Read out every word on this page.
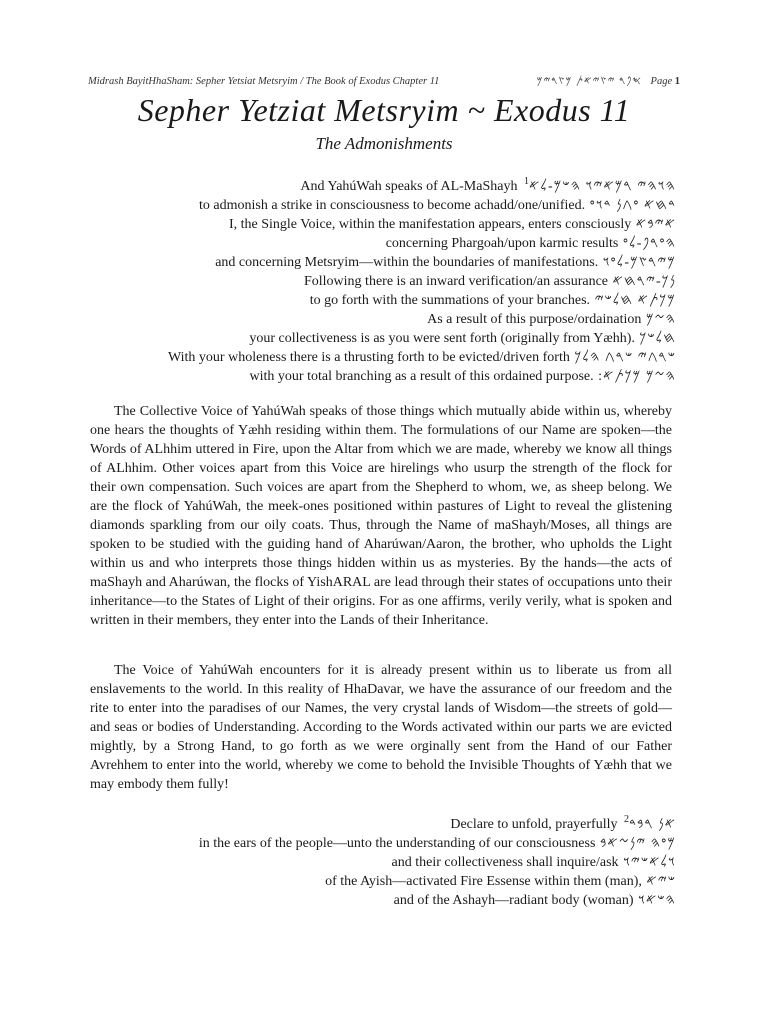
Midrash BayitHhaSham: Sepher Yetsiat Metsryim / The Book of Exodus Chapter 11	𐤎𐤐𐤓 𐤉𐤑𐤉𐤀𐤕 𐤌𐤑𐤓𐤉𐤌 Page 1
Sepher Yetziat Metsryim ~ Exodus 11
The Admonishments
And YahúWah speaks of AL-MaShayh 𐤄𐤅𐤄𐤉 𐤓𐤌𐤀𐤉𐤅 𐤄𐤔𐤌-𐤋𐤀$^1$
to admonish a strike in consciousness to become achadd/one/unified. 𐤃𐤇𐤀 𐤏𐤂𐤍 𐤃𐤅𐤏
I, the Single Voice, within the manifestation appears, enters consciously 𐤀𐤉𐤁𐤀
concerning Phargoah/upon karmic results 𐤄𐤏𐤓𐤐-𐤋𐤏
and concerning Metsryim—within the boundaries of manifestations. 𐤌𐤉𐤓𐤑𐤌-𐤋𐤏𐤅
Following there is an inward verification/an assurance 𐤍𐤊-𐤉𐤓𐤇𐤀
to go forth with the summations of your branches. 𐤌𐤊𐤕𐤀 𐤇𐤋𐤔𐤉
As a result of this purpose/ordaination 𐤄𐤆𐤌
your collectiveness is as you were sent forth (originally from Yæhh). 𐤇𐤋𐤔𐤊
With your wholeness there is a thrusting forth to be evicted/driven forth 𐤔𐤓𐤂𐤉 𐤔𐤓𐤂 𐤄𐤋𐤊
with your total branching as a result of this ordained purpose. :𐤄𐤆𐤌 𐤌𐤊𐤕𐤀

The Collective Voice of YahúWah speaks of those things which mutually abide within us, whereby one hears the thoughts of Yæhh residing within them. The formulations of our Name are spoken—the Words of ALhhim uttered in Fire, upon the Altar from which we are made, whereby we know all things of ALhhim. Other voices apart from this Voice are hirelings who usurp the strength of the flock for their own compensation. Such voices are apart from the Shepherd to whom, we, as sheep belong. We are the flock of YahúWah, the meek-ones positioned within pastures of Light to reveal the glistening diamonds sparkling from our oily coats. Thus, through the Name of maShayh/Moses, all things are spoken to be studied with the guiding hand of Aharúwan/Aaron, the brother, who upholds the Light within us and who interprets those things hidden within us as mysteries. By the hands—the acts of maShayh and Aharúwan, the flocks of YishARAL are lead through their states of occupations unto their inheritance—to the States of Light of their origins. For as one affirms, verily verily, what is spoken and written in their members, they enter into the Lands of their Inheritance.

The Voice of YahúWah encounters for it is already present within us to liberate us from all enslavements to the world. In this reality of HhaDavar, we have the assurance of our freedom and the rite to enter into the paradises of our Names, the very crystal lands of Wisdom—the streets of gold—and seas or bodies of Understanding. According to the Words activated within our parts we are evicted mightly, by a Strong Hand, to go forth as we were orginally sent from the Hand of our Father Avrehhem to enter into the world, whereby we come to behold the Invisible Thoughts of Yæhh that we may embody them fully!

Declare to unfold, prayerfully 𐤀𐤍 𐤓𐤁𐤃$^2$
in the ears of the people—unto the understanding of our consciousness 𐤌𐤏𐤄 𐤉𐤍𐤆𐤀𐤁
and their collectiveness shall inquire/ask 𐤅𐤋𐤀𐤔𐤉𐤅
of the Ayish—activated Fire Essense within them (man), 𐤔𐤉𐤀
and of the Ashayh—radiant body (woman) 𐤄𐤔𐤀𐤅
